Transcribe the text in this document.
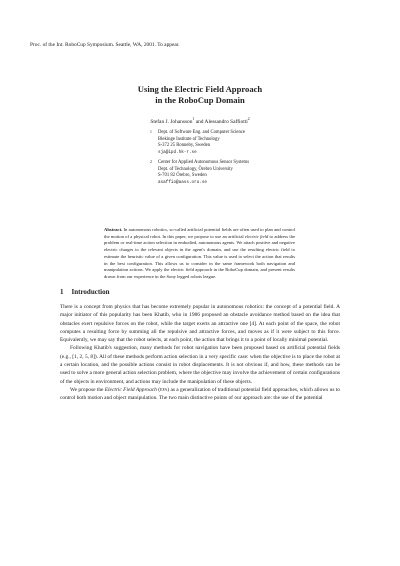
Proc. of the Int. RoboCup Symposium. Seattle, WA, 2001. To appear.
Using the Electric Field Approach
in the RoboCup Domain
Stefan J. Johansson$^1$ and Alessandro Saffiotti$^2$
1 Dept. of Software Eng. and Computer Science
Blekinge Institute of Technology
S-372 25 Ronneby, Sweden
sja@ipd.hk-r.se
2 Center for Applied Autonomous Sensor Systems
Dept. of Technology, Örebro University
S-701 82 Örebro, Sweden
asaffio@aass.oru.se
Abstract. In autonomous robotics, so-called artificial potential fields are often used to plan and control the motion of a physical robot. In this paper, we propose to use an artificial electric field to address the problem or real-time action selection in embodied, autonomous agents. We attach positive and negative electric charges to the relevant objects in the agent's domain, and use the resulting electric field to estimate the heuristic value of a given configuration. This value is used to select the action that results in the best configuration. This allows us to consider in the same framework both navigation and manipulation actions. We apply the electric field approach in the RoboCup domain, and present results drawn from our experience in the Sony legged robots league.
1 Introduction

There is a concept from physics that has become extremely popular in autonomous robotics: the concept of a potential field. A major initiator of this popularity has been Khatib, who in 1986 proposed an obstacle avoidance method based on the idea that obstacles exert repulsive forces on the robot, while the target exerts an attractive one [4]. At each point of the space, the robot computes a resulting force by summing all the repulsive and attractive forces, and moves as if it were subject to this force. Equivalently, we may say that the robot selects, at each point, the action that brings it to a point of locally minimal potential.

Following Khatib's suggestion, many methods for robot navigation have been proposed based on artificial potential fields (e.g., [1, 2, 5, 8]). All of these methods perform action selection in a very specific case: when the objective is to place the robot at a certain location, and the possible actions consist in robot displacements. It is not obvious if, and how, these methods can be used to solve a more general action selection problem, where the objective may involve the achievement of certain configurations of the objects in environment, and actions may include the manipulation of these objects.

We propose the Electric Field Approach (efa) as a generalization of traditional potential field approaches, which allows us to control both motion and object manipulation. The two main distinctive points of our approach are: the use of the potential
